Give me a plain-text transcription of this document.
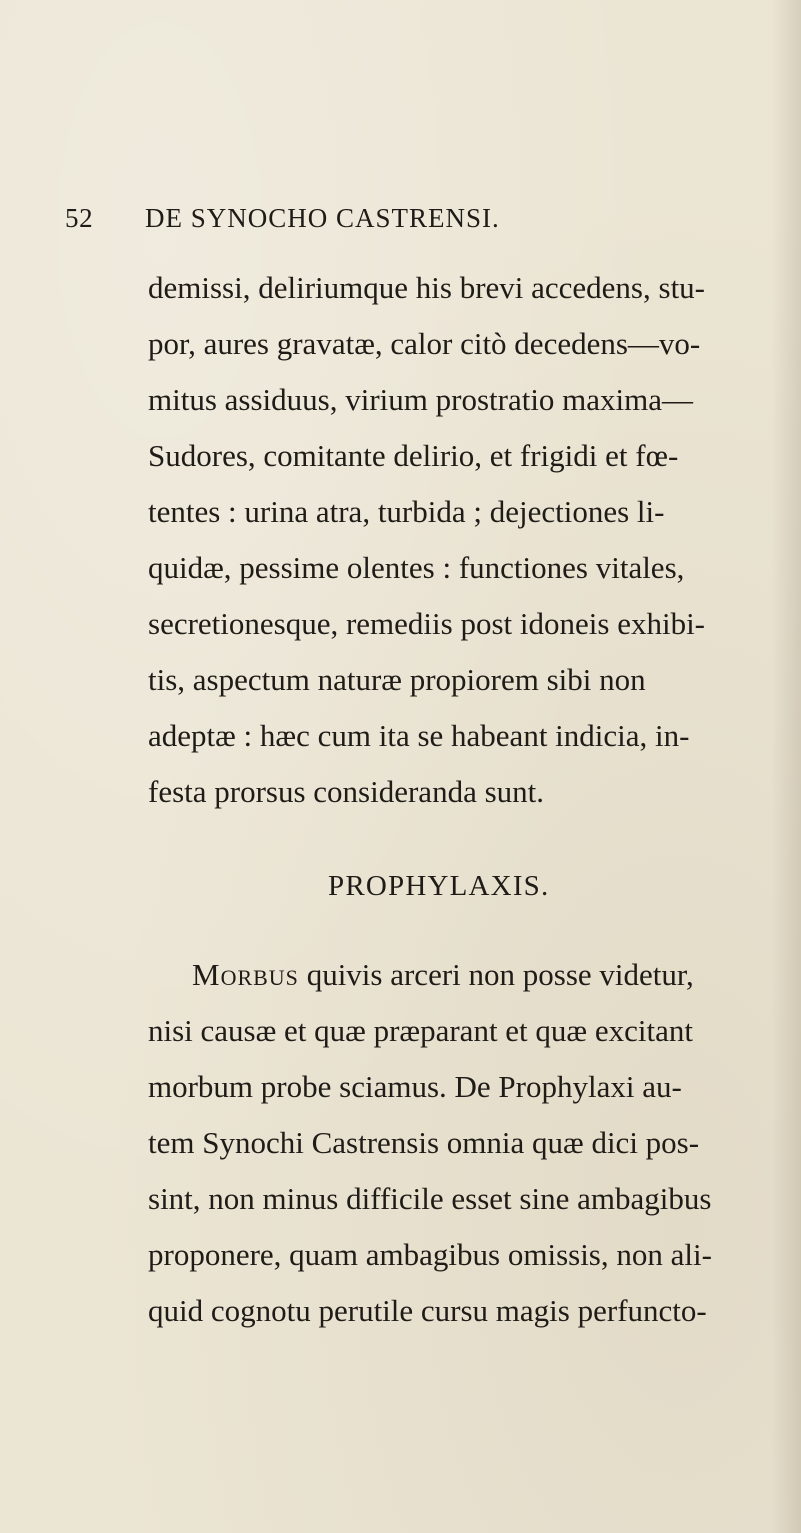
52 DE SYNOCHO CASTRENSI.
demissi, deliriumque his brevi accedens, stu-
por, aures gravatæ, calor citò decedens—vo-
mitus assiduus, virium prostratio maxima—
Sudores, comitante delirio, et frigidi et fœ-
tentes : urina atra, turbida ; dejectiones li-
quidæ, pessime olentes : functiones vitales,
secretionesque, remediis post idoneis exhibi-
tis, aspectum naturæ propiorem sibi non
adeptæ : hæc cum ita se habeant indicia, in-
festa prorsus consideranda sunt.
PROPHYLAXIS.
Morbus quivis arceri non posse videtur,
nisi causæ et quæ præparant et quæ excitant
morbum probe sciamus. De Prophylaxi au-
tem Synochi Castrensis omnia quæ dici pos-
sint, non minus difficile esset sine ambagibus
proponere, quam ambagibus omissis, non ali-
quid cognotu perutile cursu magis perfuncto-
